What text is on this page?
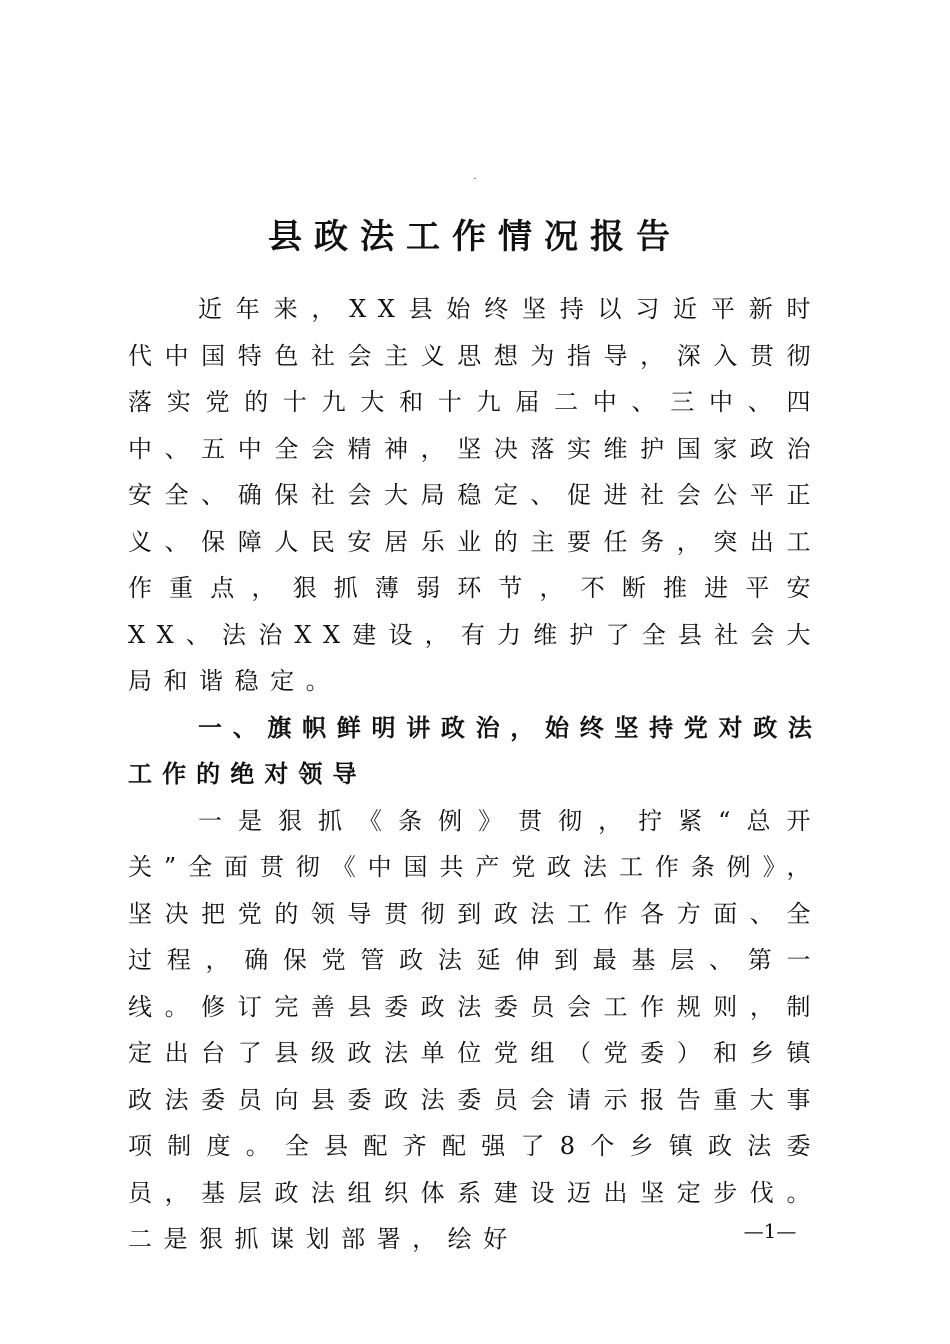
.
县政法工作情况报告

近年来，XX县始终坚持以习近平新时代中国特色社会主义思想为指导，深入贯彻落实党的十九大和十九届二中、三中、四中、五中全会精神，坚决落实维护国家政治安全、确保社会大局稳定、促进社会公平正义、保障人民安居乐业的主要任务，突出工作重点，狠抓薄弱环节，不断推进平安XX、法治XX建设，有力维护了全县社会大局和谐稳定。

一、旗帜鲜明讲政治，始终坚持党对政法工作的绝对领导

一是狠抓《条例》贯彻，拧紧“总开关”全面贯彻《中国共产党政法工作条例》，坚决把党的领导贯彻到政法工作各方面、全过程，确保党管政法延伸到最基层、第一线。修订完善县委政法委员会工作规则，制定出台了县级政法单位党组（党委）和乡镇政法委员向县委政法委员会请示报告重大事项制度。全县配齐配强了8个乡镇政法委员，基层政法组织体系建设迈出坚定步伐。二是狠抓谋划部署，绘好	—1—
